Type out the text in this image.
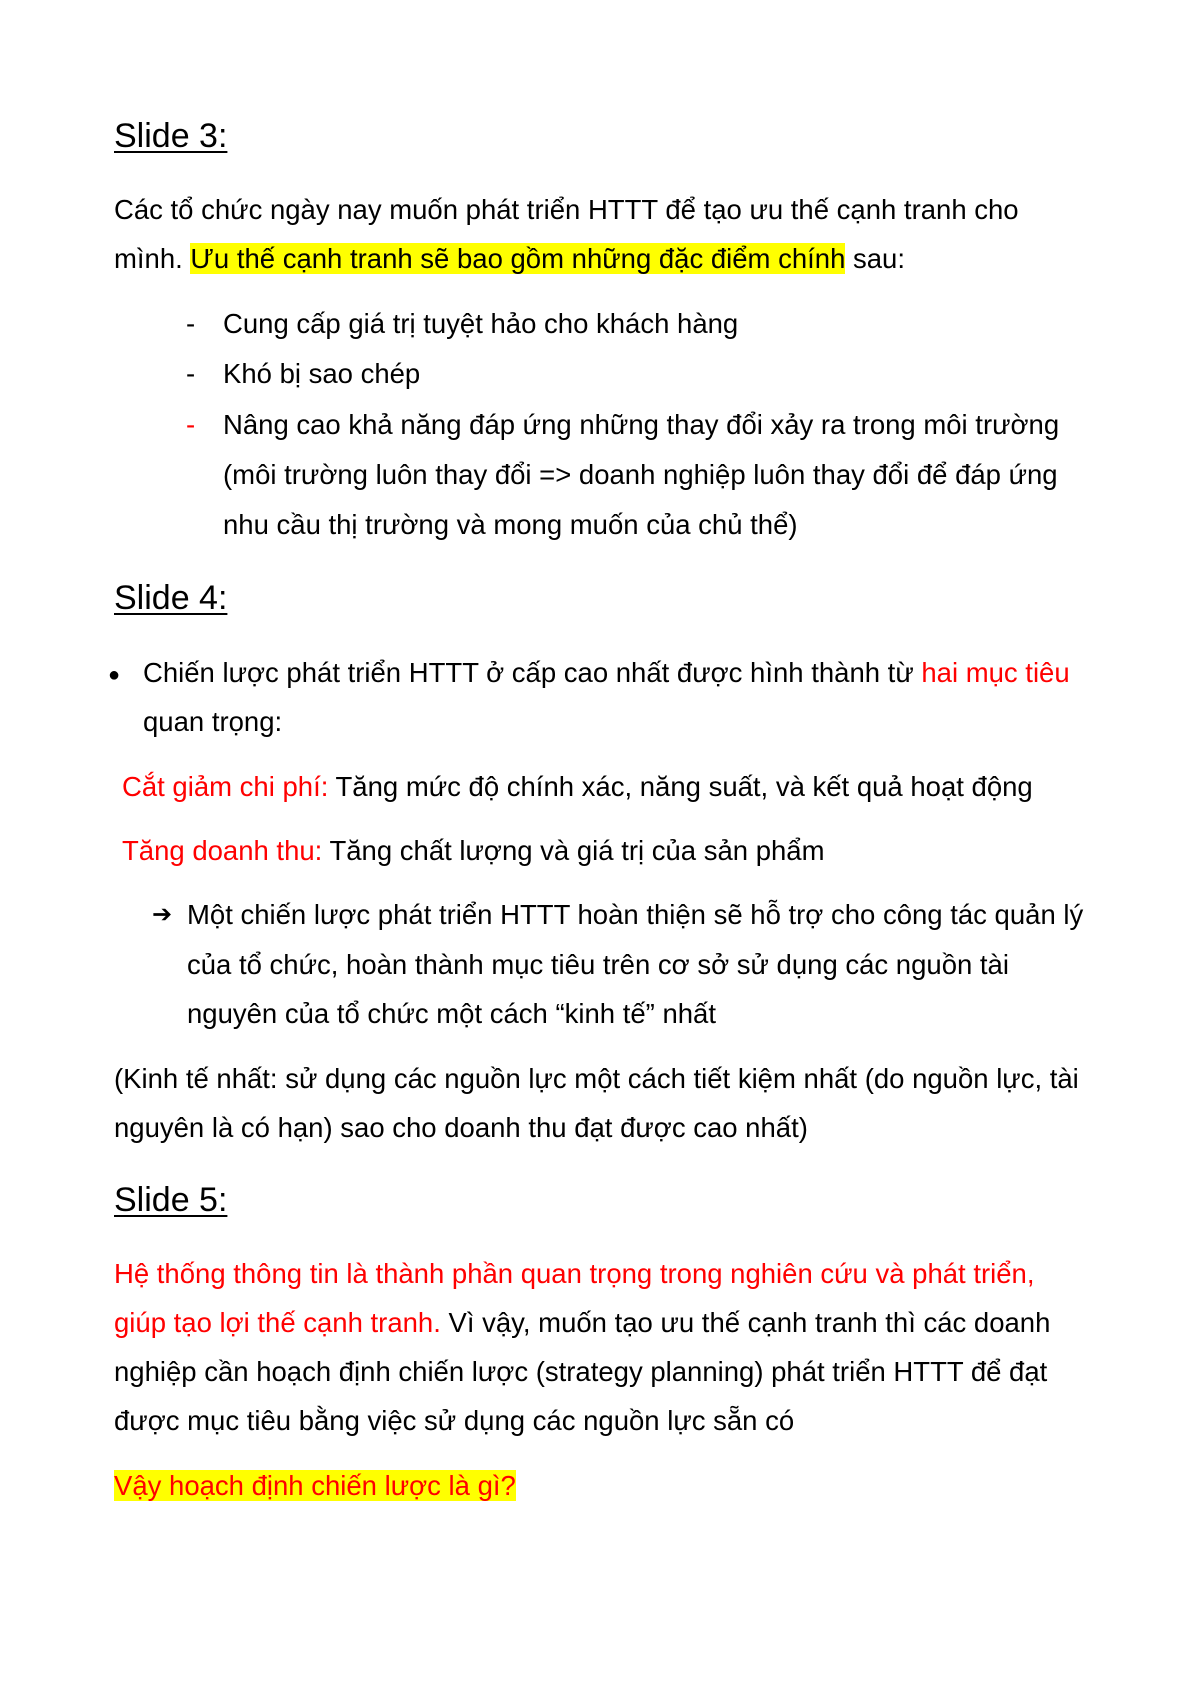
Slide 3:
Các tổ chức ngày nay muốn phát triển HTTT để tạo ưu thế cạnh tranh cho
mình. Ưu thế cạnh tranh sẽ bao gồm những đặc điểm chính sau:
- Cung cấp giá trị tuyệt hảo cho khách hàng
- Khó bị sao chép
- Nâng cao khả năng đáp ứng những thay đổi xảy ra trong môi trường
(môi trường luôn thay đổi => doanh nghiệp luôn thay đổi để đáp ứng
nhu cầu thị trường và mong muốn của chủ thể)
Slide 4:
● Chiến lược phát triển HTTT ở cấp cao nhất được hình thành từ hai mục tiêu
quan trọng:
Cắt giảm chi phí: Tăng mức độ chính xác, năng suất, và kết quả hoạt động
Tăng doanh thu: Tăng chất lượng và giá trị của sản phẩm
➔ Một chiến lược phát triển HTTT hoàn thiện sẽ hỗ trợ cho công tác quản lý
của tổ chức, hoàn thành mục tiêu trên cơ sở sử dụng các nguồn tài
nguyên của tổ chức một cách “kinh tế” nhất
(Kinh tế nhất: sử dụng các nguồn lực một cách tiết kiệm nhất (do nguồn lực, tài
nguyên là có hạn) sao cho doanh thu đạt được cao nhất)
Slide 5:
Hệ thống thông tin là thành phần quan trọng trong nghiên cứu và phát triển,
giúp tạo lợi thế cạnh tranh. Vì vậy, muốn tạo ưu thế cạnh tranh thì các doanh
nghiệp cần hoạch định chiến lược (strategy planning) phát triển HTTT để đạt
được mục tiêu bằng việc sử dụng các nguồn lực sẵn có
Vậy hoạch định chiến lược là gì?
